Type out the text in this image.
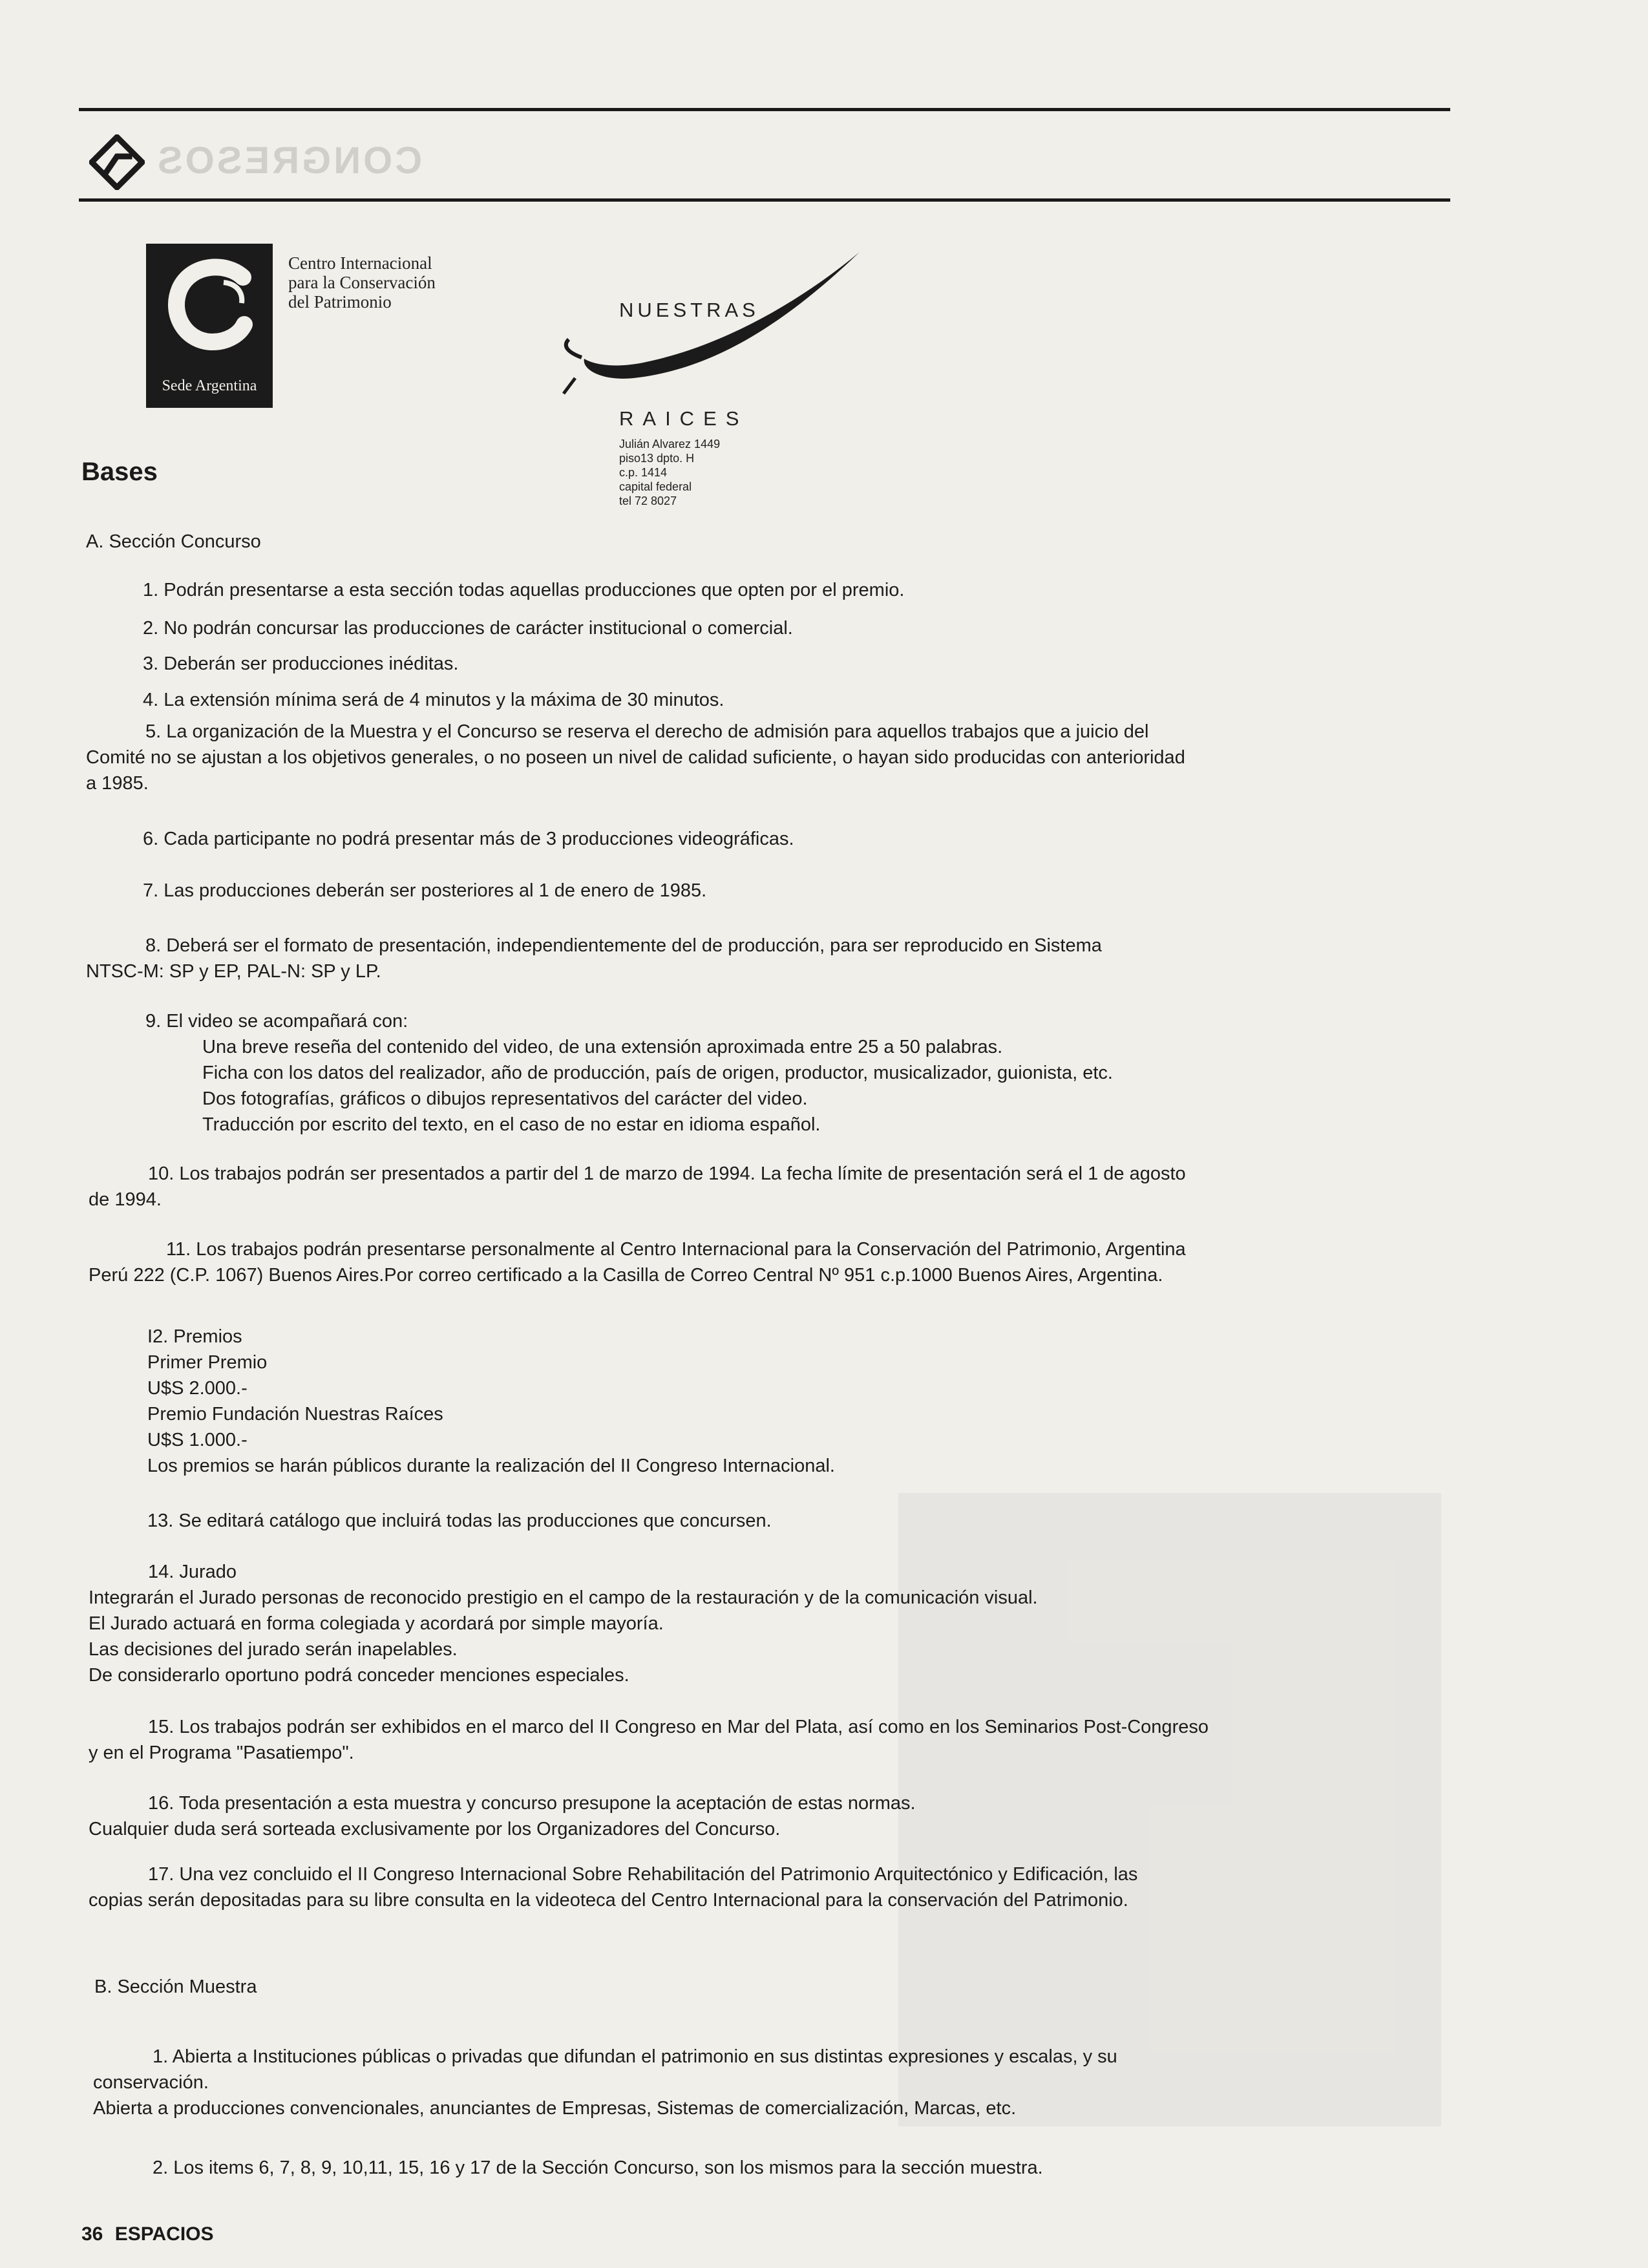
CONGRESOS
Sede Argentina
Centro Internacional
para la Conservación
del Patrimonio	NUESTRAS
RAICES
Julián Alvarez 1449
piso13 dpto. H
c.p. 1414
capital federal
tel 72 8027
Bases
A. Sección Concurso
1. Podrán presentarse a esta sección todas aquellas producciones que opten por el premio.
2. No podrán concursar las producciones de carácter institucional o comercial.
3. Deberán ser producciones inéditas.
4. La extensión mínima será de 4 minutos y la máxima de 30 minutos.
5. La organización de la Muestra y el Concurso se reserva el derecho de admisión para aquellos trabajos que a juicio del
Comité no se ajustan a los objetivos generales, o no poseen un nivel de calidad suficiente, o hayan sido producidas con anterioridad
a 1985.
6. Cada participante no podrá presentar más de 3 producciones videográficas.
7. Las producciones deberán ser posteriores al 1 de enero de 1985.
8. Deberá ser el formato de presentación, independientemente del de producción, para ser reproducido en Sistema
NTSC-M: SP y EP, PAL-N: SP y LP.
9. El video se acompañará con:
Una breve reseña del contenido del video, de una extensión aproximada entre 25 a 50 palabras.
Ficha con los datos del realizador, año de producción, país de origen, productor, musicalizador, guionista, etc.
Dos fotografías, gráficos o dibujos representativos del carácter del video.
Traducción por escrito del texto, en el caso de no estar en idioma español.
10. Los trabajos podrán ser presentados a partir del 1 de marzo de 1994. La fecha límite de presentación será el 1 de agosto
de 1994.
11. Los trabajos podrán presentarse personalmente al Centro Internacional para la Conservación del Patrimonio, Argentina
Perú 222 (C.P. 1067) Buenos Aires.Por correo certificado a la Casilla de Correo Central Nº 951 c.p.1000 Buenos Aires, Argentina.
I2. Premios
Primer Premio
U$S 2.000.-
Premio Fundación Nuestras Raíces
U$S 1.000.-
Los premios se harán públicos durante la realización del II Congreso Internacional.
13. Se editará catálogo que incluirá todas las producciones que concursen.
14. Jurado
Integrarán el Jurado personas de reconocido prestigio en el campo de la restauración y de la comunicación visual.
El Jurado actuará en forma colegiada y acordará por simple mayoría.
Las decisiones del jurado serán inapelables.
De considerarlo oportuno podrá conceder menciones especiales.
15. Los trabajos podrán ser exhibidos en el marco del II Congreso en Mar del Plata, así como en los Seminarios Post-Congreso
y en el Programa "Pasatiempo".
16. Toda presentación a esta muestra y concurso presupone la aceptación de estas normas.
Cualquier duda será sorteada exclusivamente por los Organizadores del Concurso.
17. Una vez concluido el II Congreso Internacional Sobre Rehabilitación del Patrimonio Arquitectónico y Edificación, las
copias serán depositadas para su libre consulta en la videoteca del Centro Internacional para la conservación del Patrimonio.
B. Sección Muestra
1. Abierta a Instituciones públicas o privadas que difundan el patrimonio en sus distintas expresiones y escalas, y su
conservación.
Abierta a producciones convencionales, anunciantes de Empresas, Sistemas de comercialización, Marcas, etc.
2. Los items 6, 7, 8, 9, 10,11, 15, 16 y 17 de la Sección Concurso, son los mismos para la sección muestra.
36 ESPACIOS
